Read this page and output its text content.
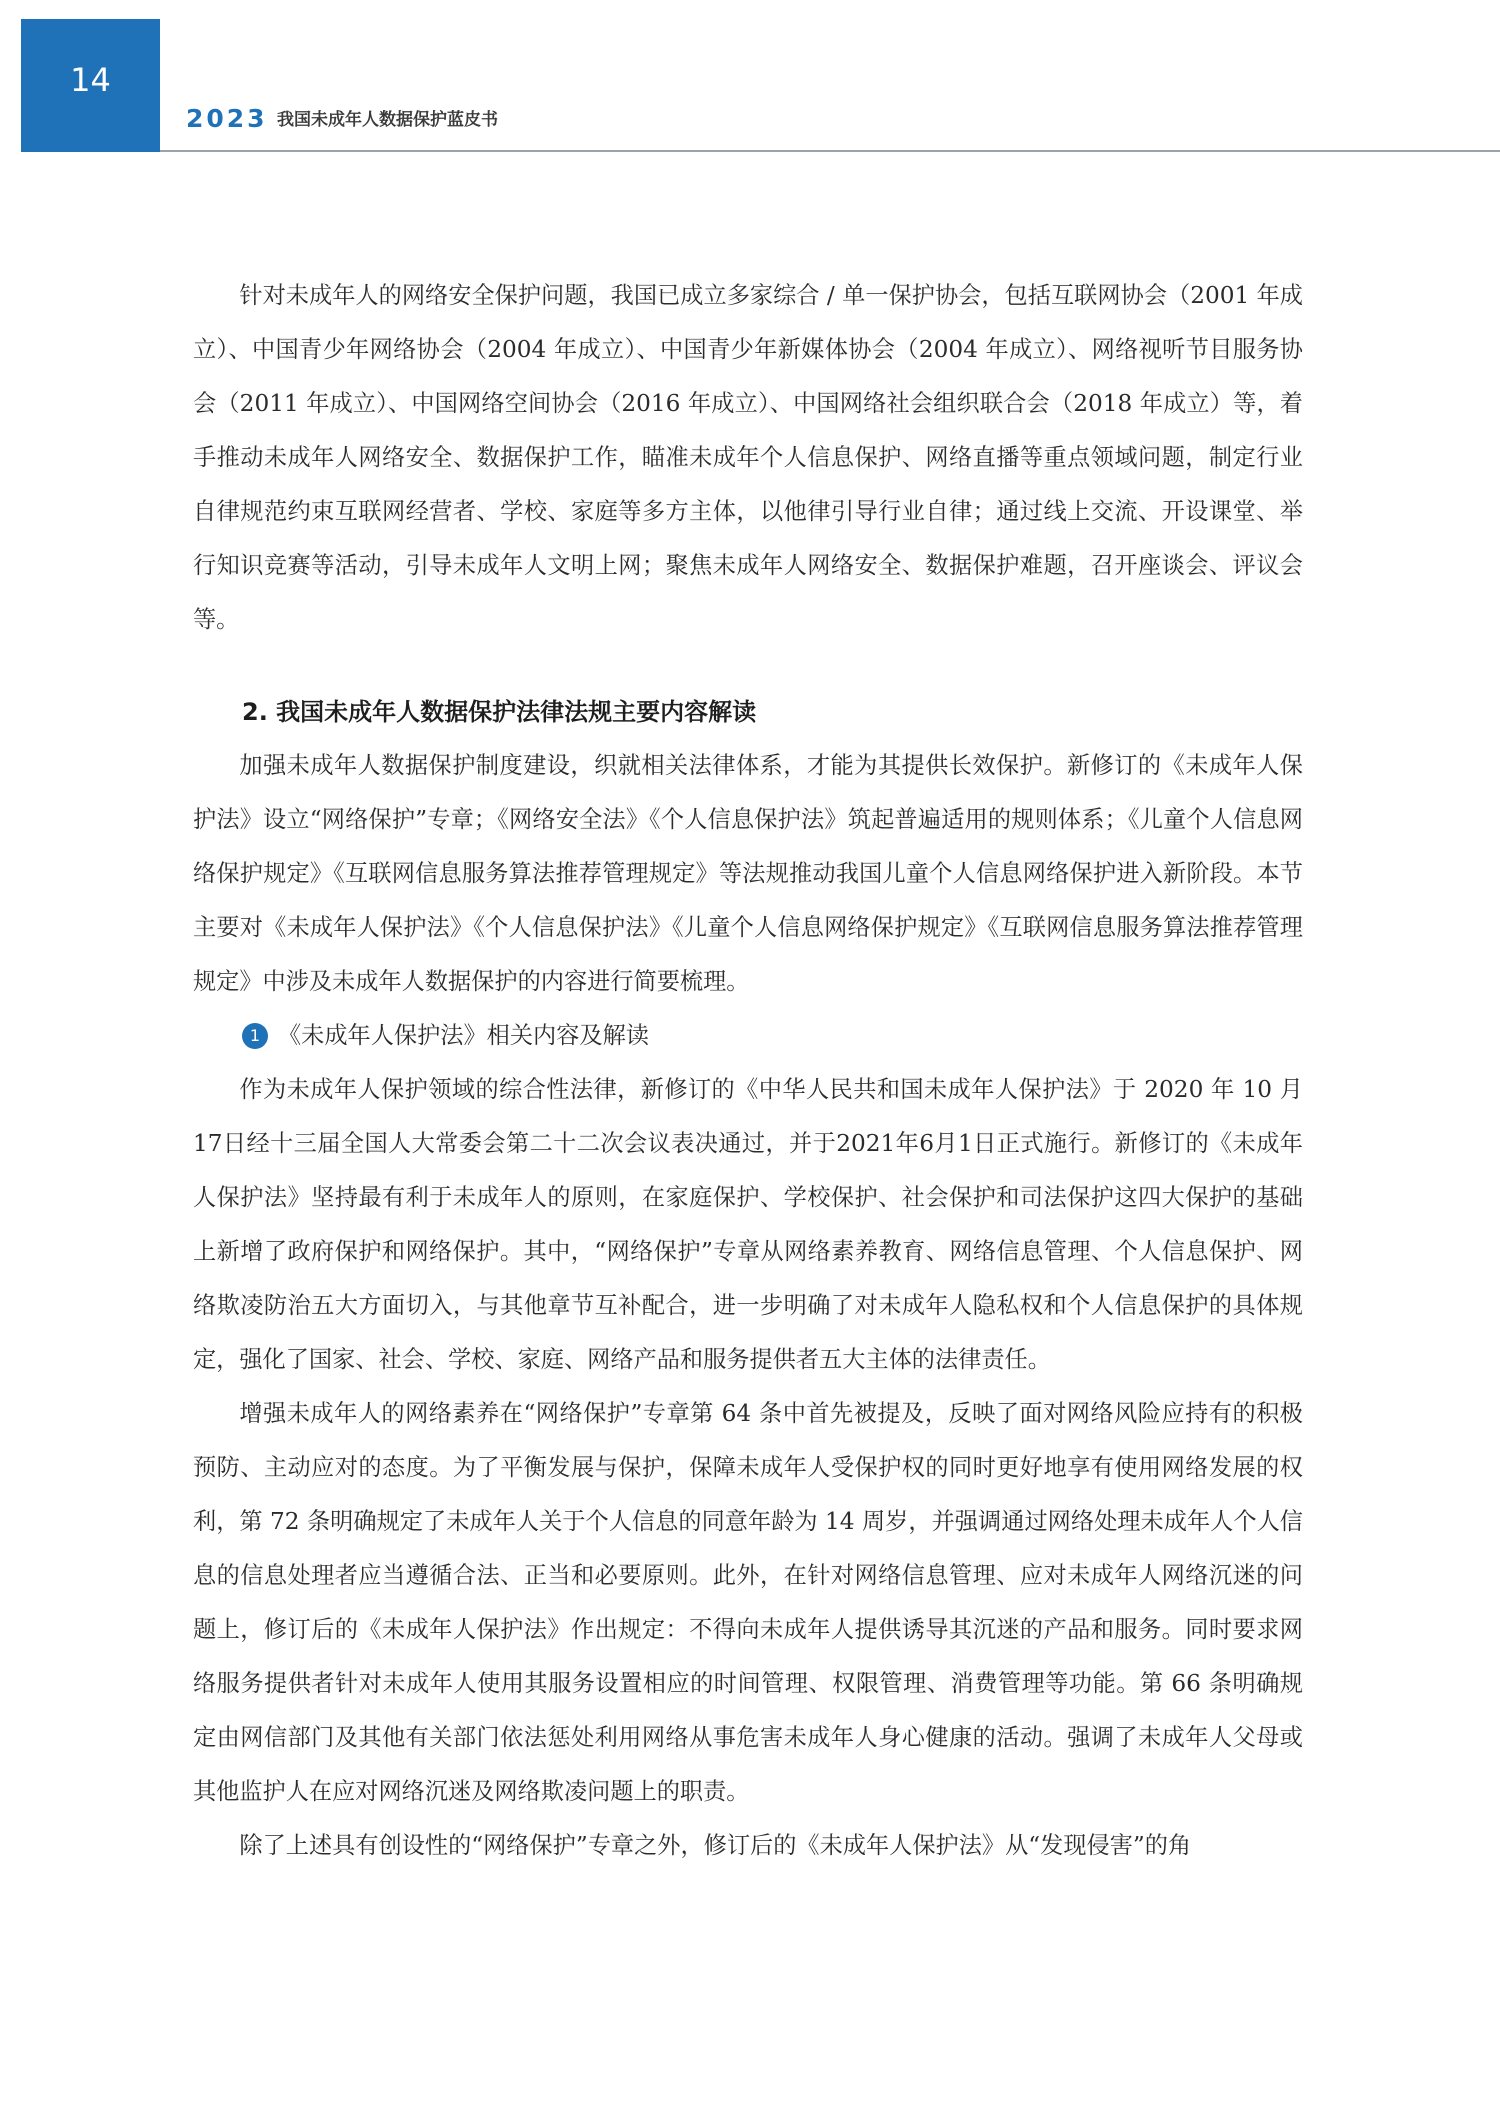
14
2023 我国未成年人数据保护蓝皮书

针对未成年人的网络安全保护问题，我国已成立多家综合 / 单一保护协会，包括互联网协会（2001 年成立）、中国青少年网络协会（2004 年成立）、中国青少年新媒体协会（2004 年成立）、网络视听节目服务协会（2011 年成立）、中国网络空间协会（2016 年成立）、中国网络社会组织联合会（2018 年成立）等，着手推动未成年人网络安全、数据保护工作，瞄准未成年个人信息保护、网络直播等重点领域问题，制定行业自律规范约束互联网经营者、学校、家庭等多方主体，以他律引导行业自律；通过线上交流、开设课堂、举行知识竞赛等活动，引导未成年人文明上网；聚焦未成年人网络安全、数据保护难题，召开座谈会、评议会等。

2. 我国未成年人数据保护法律法规主要内容解读

加强未成年人数据保护制度建设，织就相关法律体系，才能为其提供长效保护。新修订的《未成年人保护法》设立“网络保护”专章；《网络安全法》《个人信息保护法》筑起普遍适用的规则体系；《儿童个人信息网络保护规定》《互联网信息服务算法推荐管理规定》等法规推动我国儿童个人信息网络保护进入新阶段。本节主要对《未成年人保护法》《个人信息保护法》《儿童个人信息网络保护规定》《互联网信息服务算法推荐管理规定》中涉及未成年人数据保护的内容进行简要梳理。

1 《未成年人保护法》相关内容及解读

作为未成年人保护领域的综合性法律，新修订的《中华人民共和国未成年人保护法》于 2020 年 10 月17日经十三届全国人大常委会第二十二次会议表决通过，并于2021年6月1日正式施行。新修订的《未成年人保护法》坚持最有利于未成年人的原则，在家庭保护、学校保护、社会保护和司法保护这四大保护的基础上新增了政府保护和网络保护。其中，“网络保护”专章从网络素养教育、网络信息管理、个人信息保护、网络欺凌防治五大方面切入，与其他章节互补配合，进一步明确了对未成年人隐私权和个人信息保护的具体规定，强化了国家、社会、学校、家庭、网络产品和服务提供者五大主体的法律责任。

增强未成年人的网络素养在“网络保护”专章第 64 条中首先被提及，反映了面对网络风险应持有的积极预防、主动应对的态度。为了平衡发展与保护，保障未成年人受保护权的同时更好地享有使用网络发展的权利，第 72 条明确规定了未成年人关于个人信息的同意年龄为 14 周岁，并强调通过网络处理未成年人个人信息的信息处理者应当遵循合法、正当和必要原则。此外，在针对网络信息管理、应对未成年人网络沉迷的问题上，修订后的《未成年人保护法》作出规定：不得向未成年人提供诱导其沉迷的产品和服务。同时要求网络服务提供者针对未成年人使用其服务设置相应的时间管理、权限管理、消费管理等功能。第 66 条明确规定由网信部门及其他有关部门依法惩处利用网络从事危害未成年人身心健康的活动。强调了未成年人父母或其他监护人在应对网络沉迷及网络欺凌问题上的职责。

除了上述具有创设性的“网络保护”专章之外，修订后的《未成年人保护法》从“发现侵害”的角
